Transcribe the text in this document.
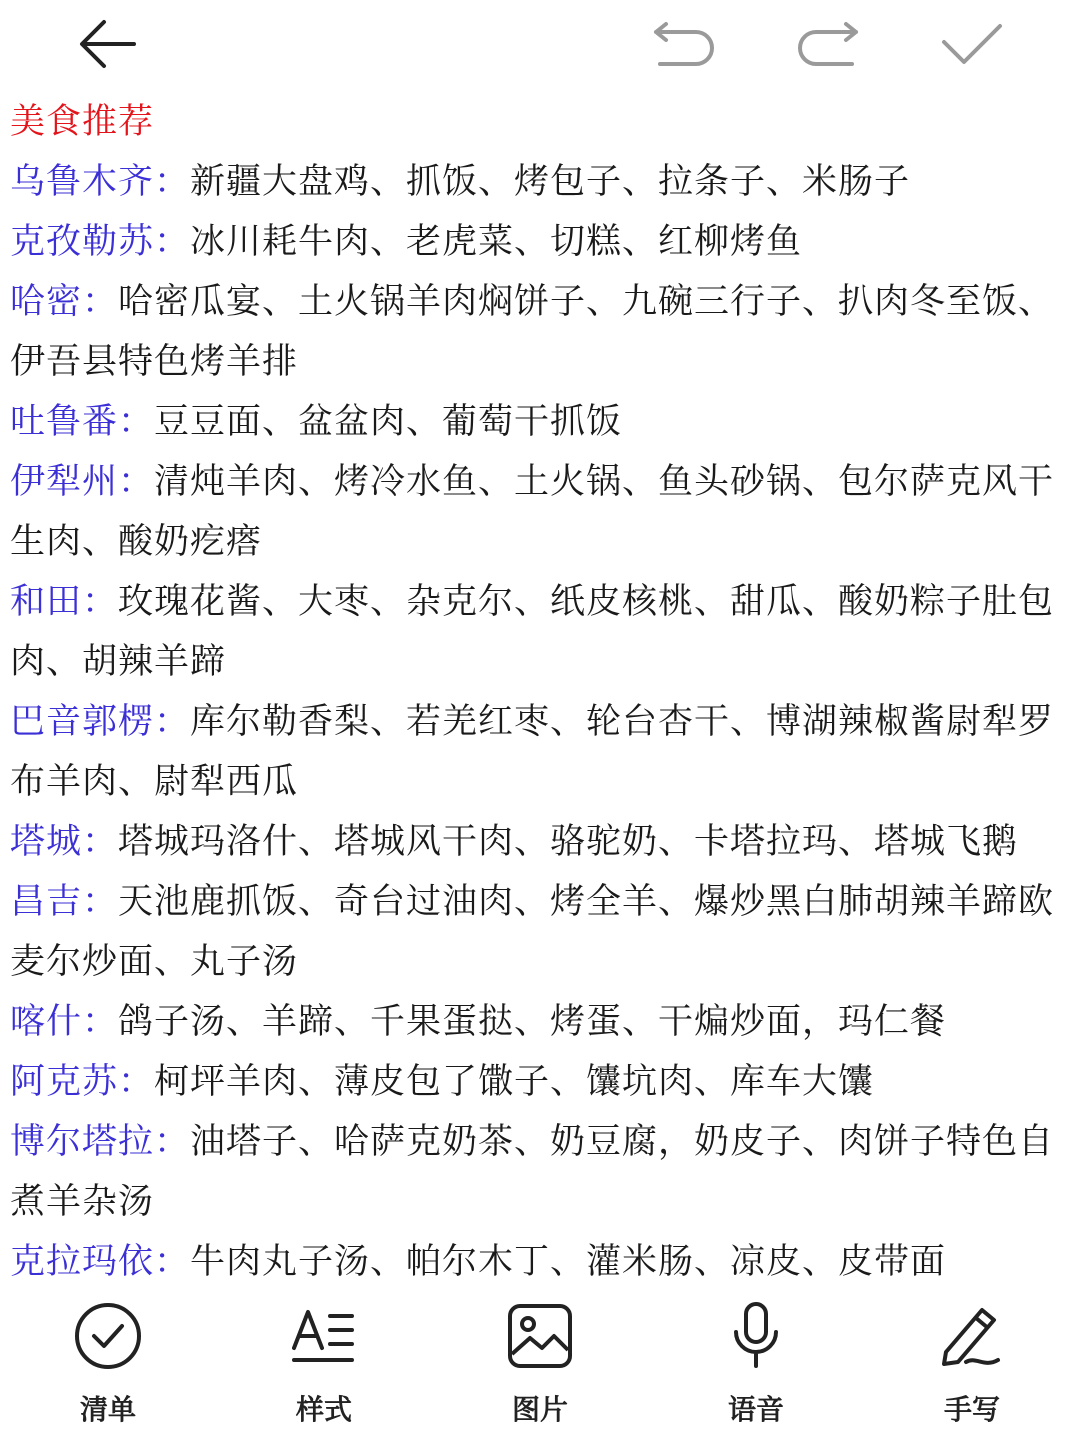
美食推荐
乌鲁木齐：新疆大盘鸡、抓饭、烤包子、拉条子、米肠子
克孜勒苏：冰川耗牛肉、老虎菜、切糕、红柳烤鱼
哈密：哈密瓜宴、土火锅羊肉焖饼子、九碗三行子、扒肉冬至饭、伊吾县特色烤羊排
吐鲁番：豆豆面、盆盆肉、葡萄干抓饭
伊犁州：清炖羊肉、烤冷水鱼、土火锅、鱼头砂锅、包尔萨克风干生肉、酸奶疙瘩
和田：玫瑰花酱、大枣、杂克尔、纸皮核桃、甜瓜、酸奶粽子肚包肉、胡辣羊蹄
巴音郭楞：库尔勒香梨、若羌红枣、轮台杏干、博湖辣椒酱尉犁罗布羊肉、尉犁西瓜
塔城：塔城玛洛什、塔城风干肉、骆驼奶、卡塔拉玛、塔城飞鹅
昌吉：天池鹿抓饭、奇台过油肉、烤全羊、爆炒黑白肺胡辣羊蹄欧麦尔炒面、丸子汤
喀什：鸽子汤、羊蹄、千果蛋挞、烤蛋、干煸炒面，玛仁餐
阿克苏：柯坪羊肉、薄皮包了馓子、馕坑肉、库车大馕
博尔塔拉：油塔子、哈萨克奶茶、奶豆腐，奶皮子、肉饼子特色自煮羊杂汤
克拉玛依：牛肉丸子汤、帕尔木丁、灌米肠、凉皮、皮带面
清单	样式	图片	语音	手写
